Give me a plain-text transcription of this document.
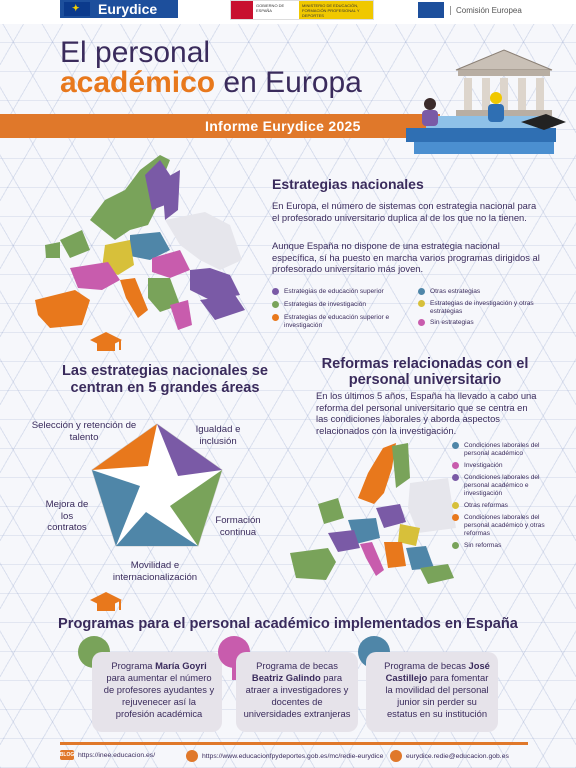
✦
Eurydice	GOBIERNO DE ESPAÑA
MINISTERIO DE EDUCACIÓN, FORMACIÓN PROFESIONAL Y DEPORTES
Comisión Europea
El personal
académico en Europa
Informe Eurydice 2025
Estrategias nacionales
En Europa, el número de sistemas con estrategia nacional para el profesorado universitario duplica al de los que no la tienen.
Aunque España no dispone de una estrategia nacional específica, sí ha puesto en marcha varios programas dirigidos al profesorado universitario más joven.
Estrategias de educación superior
Estrategias de investigación
Estrategias de educación superior e investigación
Otras estrategias
Estrategias de investigación y otras estrategias
Sin estrategias
Las estrategias nacionales se
centran en 5 grandes áreas
Selección y retención de talento
Igualdad e inclusión
Formación continua
Movilidad e internacionalización
Mejora de los contratos
Reformas relacionadas con el
personal universitario
En los últimos 5 años, España ha llevado a cabo una reforma del personal universitario que se centra en las condiciones laborales y aborda aspectos relacionados con la investigación.
Condiciones laborales del personal académico
Investigación
Condiciones laborales del personal académico e investigación
Otras reformas
Condiciones laborales del personal académico y otras reformas
Sin reformas
Programas para el personal académico implementados en España
Programa María Goyri para aumentar el número de profesores ayudantes y rejuvenecer así la profesión académica
Programa de becas Beatriz Galindo para atraer a investigadores y docentes de universidades extranjeras
Programa de becas José Castillejo para fomentar la movilidad del personal junior sin perder su estatus en su institución
BLOG https://inee.educacion.es/	https://www.educacionfpydeportes.gob.es/mc/redie-eurydice	eurydice.redie@educacion.gob.es
